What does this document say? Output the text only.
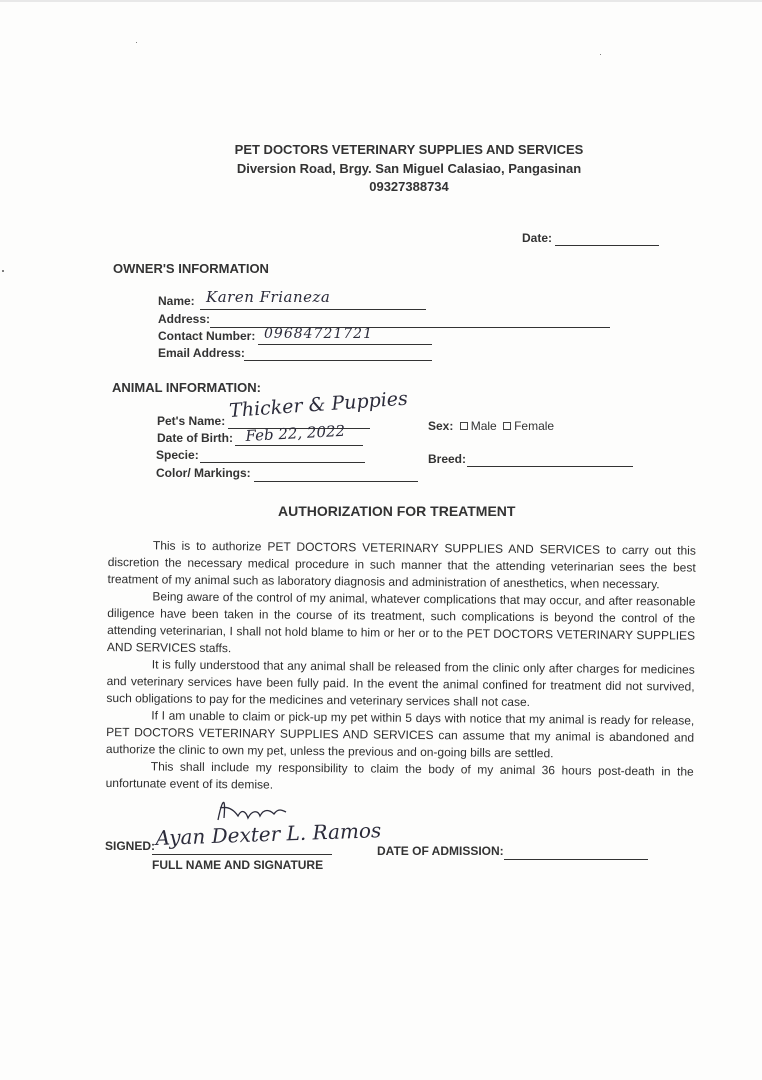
PET DOCTORS VETERINARY SUPPLIES AND SERVICES
Diversion Road, Brgy. San Miguel Calasiao, Pangasinan
09327388734
Date:
OWNER'S INFORMATION
Name: Karen Frianeza
Address:
Contact Number: 09684721721
Email Address:
ANIMAL INFORMATION:
Pet's Name: Thicker & Puppies
Date of Birth: Feb 22, 2022
Specie:
Color/ Markings:
Sex: Male Female
Breed:
AUTHORIZATION FOR TREATMENT

This is to authorize PET DOCTORS VETERINARY SUPPLIES AND SERVICES to carry out this discretion the necessary medical procedure in such manner that the attending veterinarian sees the best treatment of my animal such as laboratory diagnosis and administration of anesthetics, when necessary.

Being aware of the control of my animal, whatever complications that may occur, and after reasonable diligence have been taken in the course of its treatment, such complications is beyond the control of the attending veterinarian, I shall not hold blame to him or her or to the PET DOCTORS VETERINARY SUPPLIES AND SERVICES staffs.

It is fully understood that any animal shall be released from the clinic only after charges for medicines and veterinary services have been fully paid. In the event the animal confined for treatment did not survived, such obligations to pay for the medicines and veterinary services shall not case.

If I am unable to claim or pick-up my pet within 5 days with notice that my animal is ready for release, PET DOCTORS VETERINARY SUPPLIES AND SERVICES can assume that my animal is abandoned and authorize the clinic to own my pet, unless the previous and on-going bills are settled.

This shall include my responsibility to claim the body of my animal 36 hours post-death in the unfortunate event of its demise.

SIGNED: Ayan Dexter L. Ramos
FULL NAME AND SIGNATURE
DATE OF ADMISSION:
